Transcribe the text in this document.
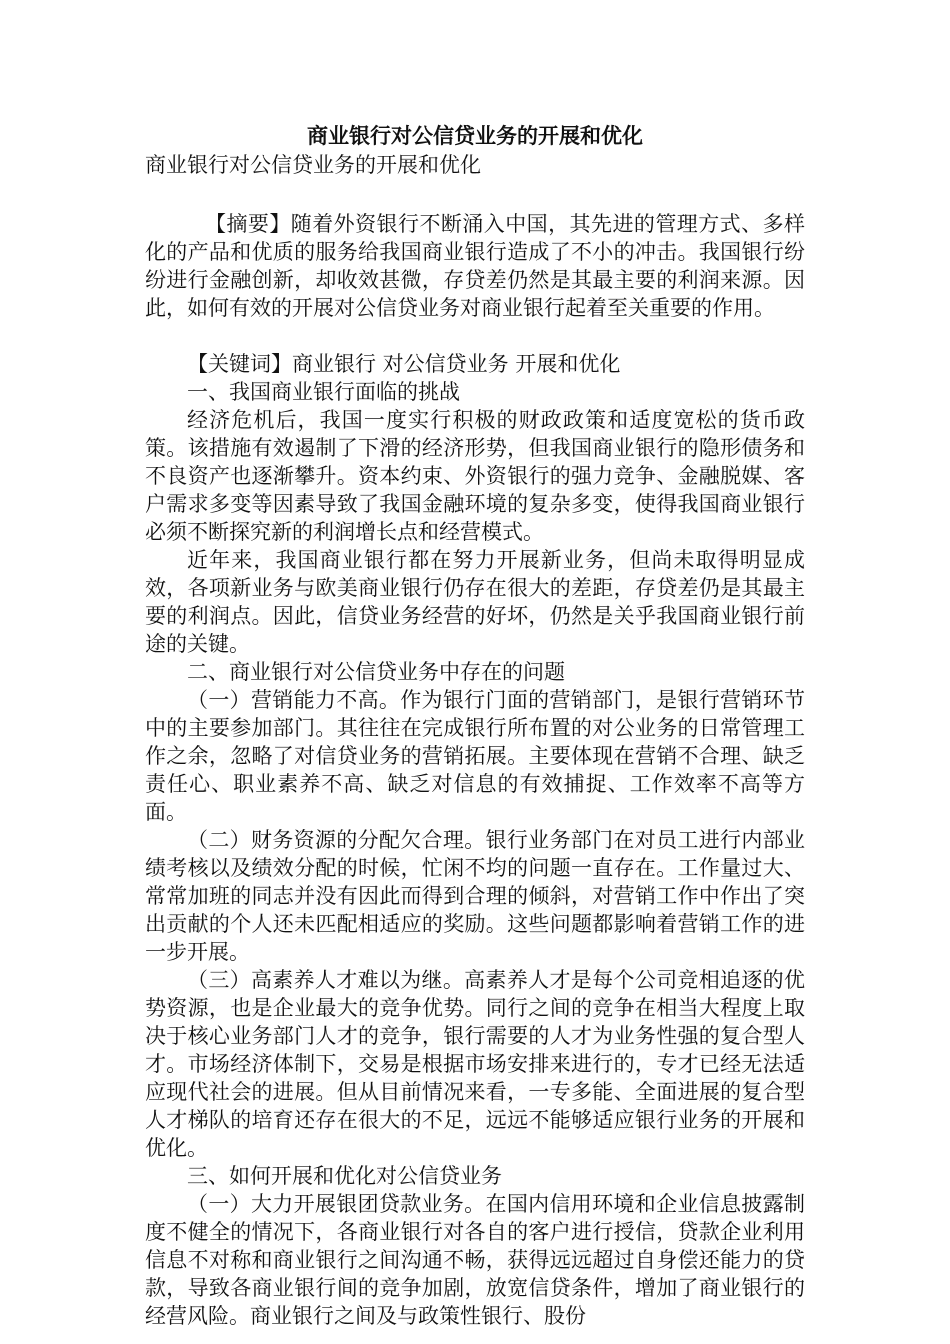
商业银行对公信贷业务的开展和优化

商业银行对公信贷业务的开展和优化

【摘要】随着外资银行不断涌入中国，其先进的管理方式、多样化的产品和优质的服务给我国商业银行造成了不小的冲击。我国银行纷纷进行金融创新，却收效甚微，存贷差仍然是其最主要的利润来源。因此，如何有效的开展对公信贷业务对商业银行起着至关重要的作用。

【关键词】商业银行 对公信贷业务 开展和优化

一、我国商业银行面临的挑战

经济危机后，我国一度实行积极的财政政策和适度宽松的货币政策。该措施有效遏制了下滑的经济形势，但我国商业银行的隐形债务和不良资产也逐渐攀升。资本约束、外资银行的强力竞争、金融脱媒、客户需求多变等因素导致了我国金融环境的复杂多变，使得我国商业银行必须不断探究新的利润增长点和经营模式。

近年来，我国商业银行都在努力开展新业务，但尚未取得明显成效，各项新业务与欧美商业银行仍存在很大的差距，存贷差仍是其最主要的利润点。因此，信贷业务经营的好坏，仍然是关乎我国商业银行前途的关键。

二、商业银行对公信贷业务中存在的问题

（一）营销能力不高。作为银行门面的营销部门，是银行营销环节中的主要参加部门。其往往在完成银行所布置的对公业务的日常管理工作之余，忽略了对信贷业务的营销拓展。主要体现在营销不合理、缺乏责任心、职业素养不高、缺乏对信息的有效捕捉、工作效率不高等方面。

（二）财务资源的分配欠合理。银行业务部门在对员工进行内部业绩考核以及绩效分配的时候，忙闲不均的问题一直存在。工作量过大、常常加班的同志并没有因此而得到合理的倾斜，对营销工作中作出了突出贡献的个人还未匹配相适应的奖励。这些问题都影响着营销工作的进一步开展。

（三）高素养人才难以为继。高素养人才是每个公司竞相追逐的优势资源，也是企业最大的竞争优势。同行之间的竞争在相当大程度上取决于核心业务部门人才的竞争，银行需要的人才为业务性强的复合型人才。市场经济体制下，交易是根据市场安排来进行的，专才已经无法适应现代社会的进展。但从目前情况来看，一专多能、全面进展的复合型人才梯队的培育还存在很大的不足，远远不能够适应银行业务的开展和优化。

三、如何开展和优化对公信贷业务

（一）大力开展银团贷款业务。在国内信用环境和企业信息披露制度不健全的情况下，各商业银行对各自的客户进行授信，贷款企业利用信息不对称和商业银行之间沟通不畅，获得远远超过自身偿还能力的贷款，导致各商业银行间的竞争加剧，放宽信贷条件，增加了商业银行的经营风险。商业银行之间及与政策性银行、股份
